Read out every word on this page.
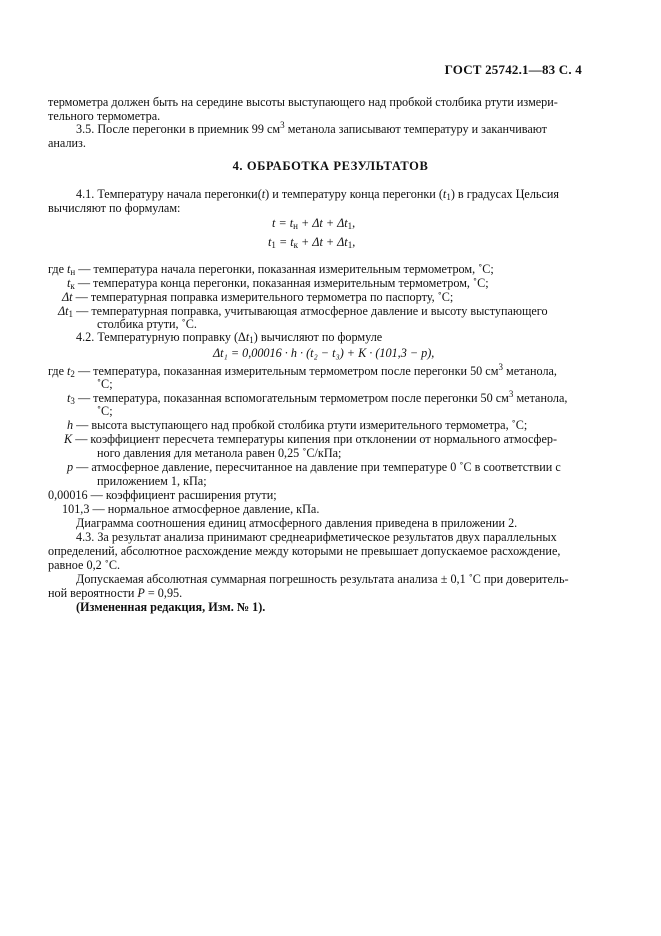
ГОСТ 25742.1—83 С. 4
термометра должен быть на середине высоты выступающего над пробкой столбика ртути измери-
тельного термометра.
3.5. После перегонки в приемник 99 $см^3$ метанола записывают температуру и заканчивают
анализ.
4. ОБРАБОТКА РЕЗУЛЬТАТОВ
4.1. Температуру начала перегонки(t) и температуру конца перегонки $(t_1)$ в градусах Цельсия
вычисляют по формулам:
$t = t_н + \Delta t + \Delta t_1$,
$t_1 = t_к + \Delta t + \Delta t_1$,
где $t_н$ — температура начала перегонки, показанная измерительным термометром, ˚С;
$t_к$ — температура конца перегонки, показанная измерительным термометром, ˚С;
Δt — температурная поправка измерительного термометра по паспорту, ˚С;
$\Delta t_1$ — температурная поправка, учитывающая атмосферное давление и высоту выступающего
столбика ртути, ˚С.
4.2. Температурную поправку $(\Delta t_1)$ вычисляют по формуле
Δt₁ = 0,00016 · h · (t₂ − t₃) + K · (101,3 − p),
где $t_2$ — температура, показанная измерительным термометром после перегонки 50 $см^3$ метанола,
˚С;
$t_3$ — температура, показанная вспомогательным термометром после перегонки 50 $см^3$ метанола,
˚С;
h — высота выступающего над пробкой столбика ртути измерительного термометра, ˚С;
K — коэффициент пересчета температуры кипения при отклонении от нормального атмосфер-
ного давления для метанола равен 0,25 ˚С/кПа;
p — атмосферное давление, пересчитанное на давление при температуре 0 ˚С в соответствии с
приложением 1, кПа;
0,00016 — коэффициент расширения ртути;
101,3 — нормальное атмосферное давление, кПа.
Диаграмма соотношения единиц атмосферного давления приведена в приложении 2.
4.3. За результат анализа принимают среднеарифметическое результатов двух параллельных
определений, абсолютное расхождение между которыми не превышает допускаемое расхождение,
равное 0,2 ˚С.
Допускаемая абсолютная суммарная погрешность результата анализа ± 0,1 ˚С при доверитель-
ной вероятности P = 0,95.
(Измененная редакция, Изм. № 1).
